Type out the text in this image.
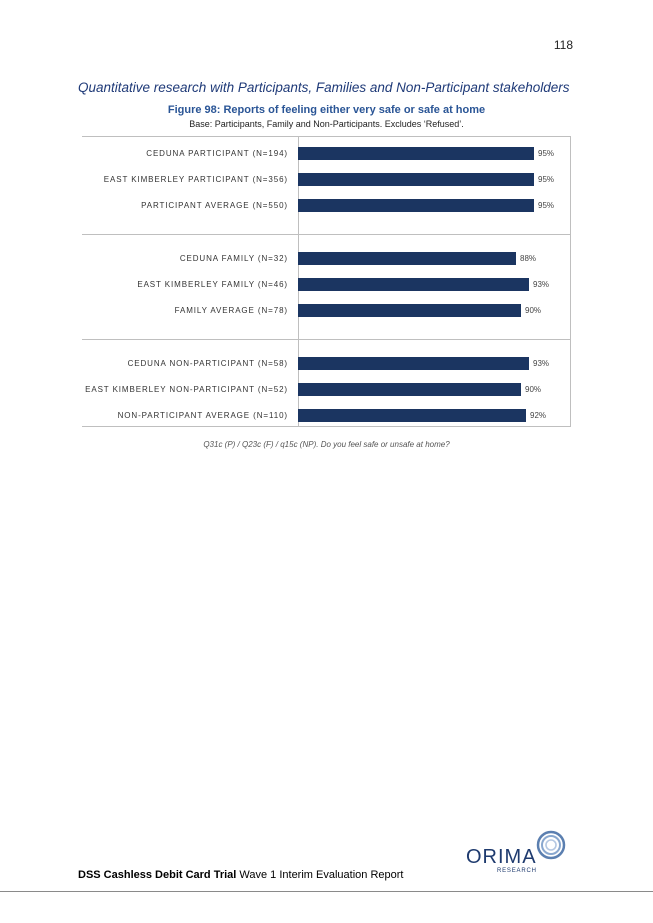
118
Quantitative research with Participants, Families and Non-Participant stakeholders
Figure 98: Reports of feeling either very safe or safe at home
Base: Participants, Family and Non-Participants. Excludes ‘Refused’.
CEDUNA PARTICIPANT (N=194)	95%
EAST KIMBERLEY PARTICIPANT (N=356)	95%
PARTICIPANT AVERAGE (N=550)	95%
CEDUNA FAMILY (N=32)	88%
EAST KIMBERLEY FAMILY (N=46)	93%
FAMILY AVERAGE (N=78)	90%
CEDUNA NON-PARTICIPANT (N=58)	93%
EAST KIMBERLEY NON-PARTICIPANT (N=52)	90%
NON-PARTICIPANT AVERAGE (N=110)	92%
Q31c (P) / Q23c (F) / q15c (NP). Do you feel safe or unsafe at home?
ORIMA
RESEARCH
DSS Cashless Debit Card Trial Wave 1 Interim Evaluation Report
